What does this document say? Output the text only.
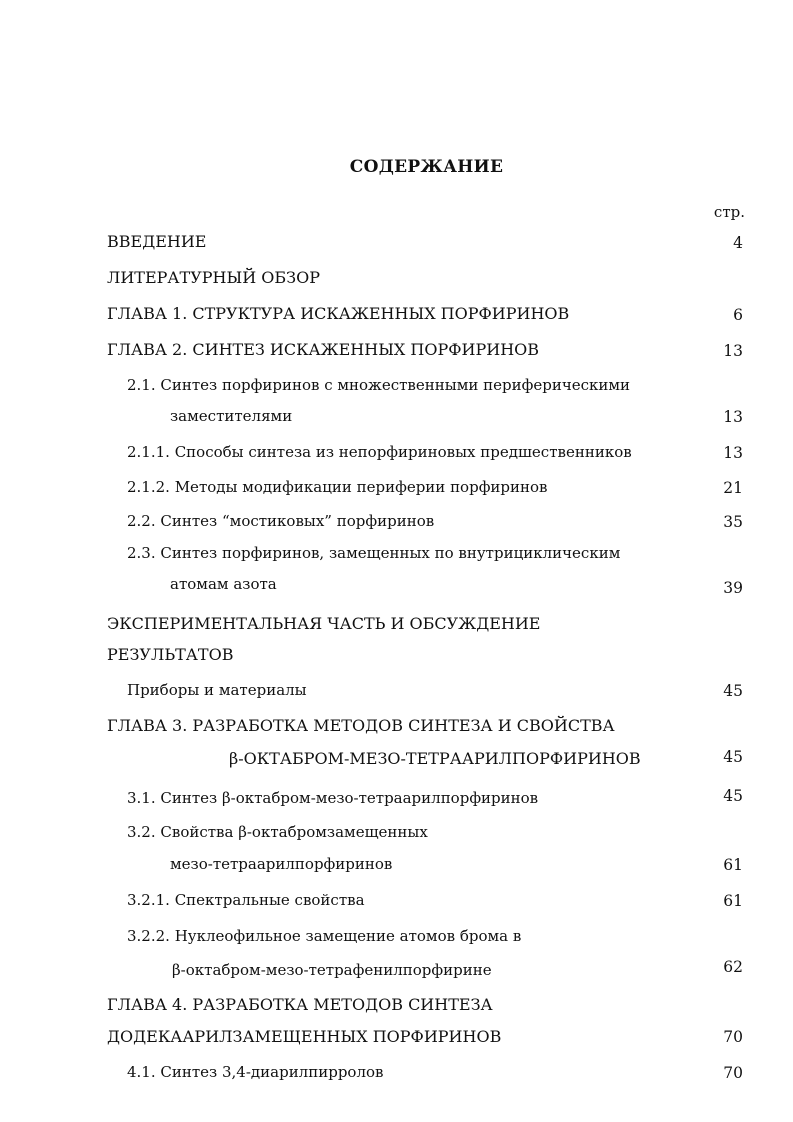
СОДЕРЖАНИЕ
стр.
ВВЕДЕНИЕ	4
ЛИТЕРАТУРНЫЙ ОБЗОР
ГЛАВА 1. СТРУКТУРА ИСКАЖЕННЫХ ПОРФИРИНОВ	6
ГЛАВА 2. СИНТЕЗ ИСКАЖЕННЫХ ПОРФИРИНОВ	13
2.1. Синтез порфиринов с множественными периферическими
заместителями	13
2.1.1. Способы синтеза из непорфириновых предшественников	13
2.1.2. Методы модификации периферии порфиринов	21
2.2. Синтез “мостиковых” порфиринов	35
2.3. Синтез порфиринов, замещенных по внутрициклическим
атомам азота	39
ЭКСПЕРИМЕНТАЛЬНАЯ ЧАСТЬ И ОБСУЖДЕНИЕ
РЕЗУЛЬТАТОВ
Приборы и материалы	45
ГЛАВА 3. РАЗРАБОТКА МЕТОДОВ СИНТЕЗА И СВОЙСТВА
β-ОКТАБРОМ-МЕЗО-ТЕТРААРИЛПОРФИРИНОВ	45
3.1. Синтез β-октабром-мезо-тетраарилпорфиринов	45
3.2. Свойства β-октабромзамещенных
мезо-тетраарилпорфиринов	61
3.2.1. Спектральные свойства	61
3.2.2. Нуклеофильное замещение атомов брома в
β-октабром-мезо-тетрафенилпорфирине	62
ГЛАВА 4. РАЗРАБОТКА МЕТОДОВ СИНТЕЗА
ДОДЕКААРИЛЗАМЕЩЕННЫХ ПОРФИРИНОВ	70
4.1. Синтез 3,4-диарилпирролов	70
